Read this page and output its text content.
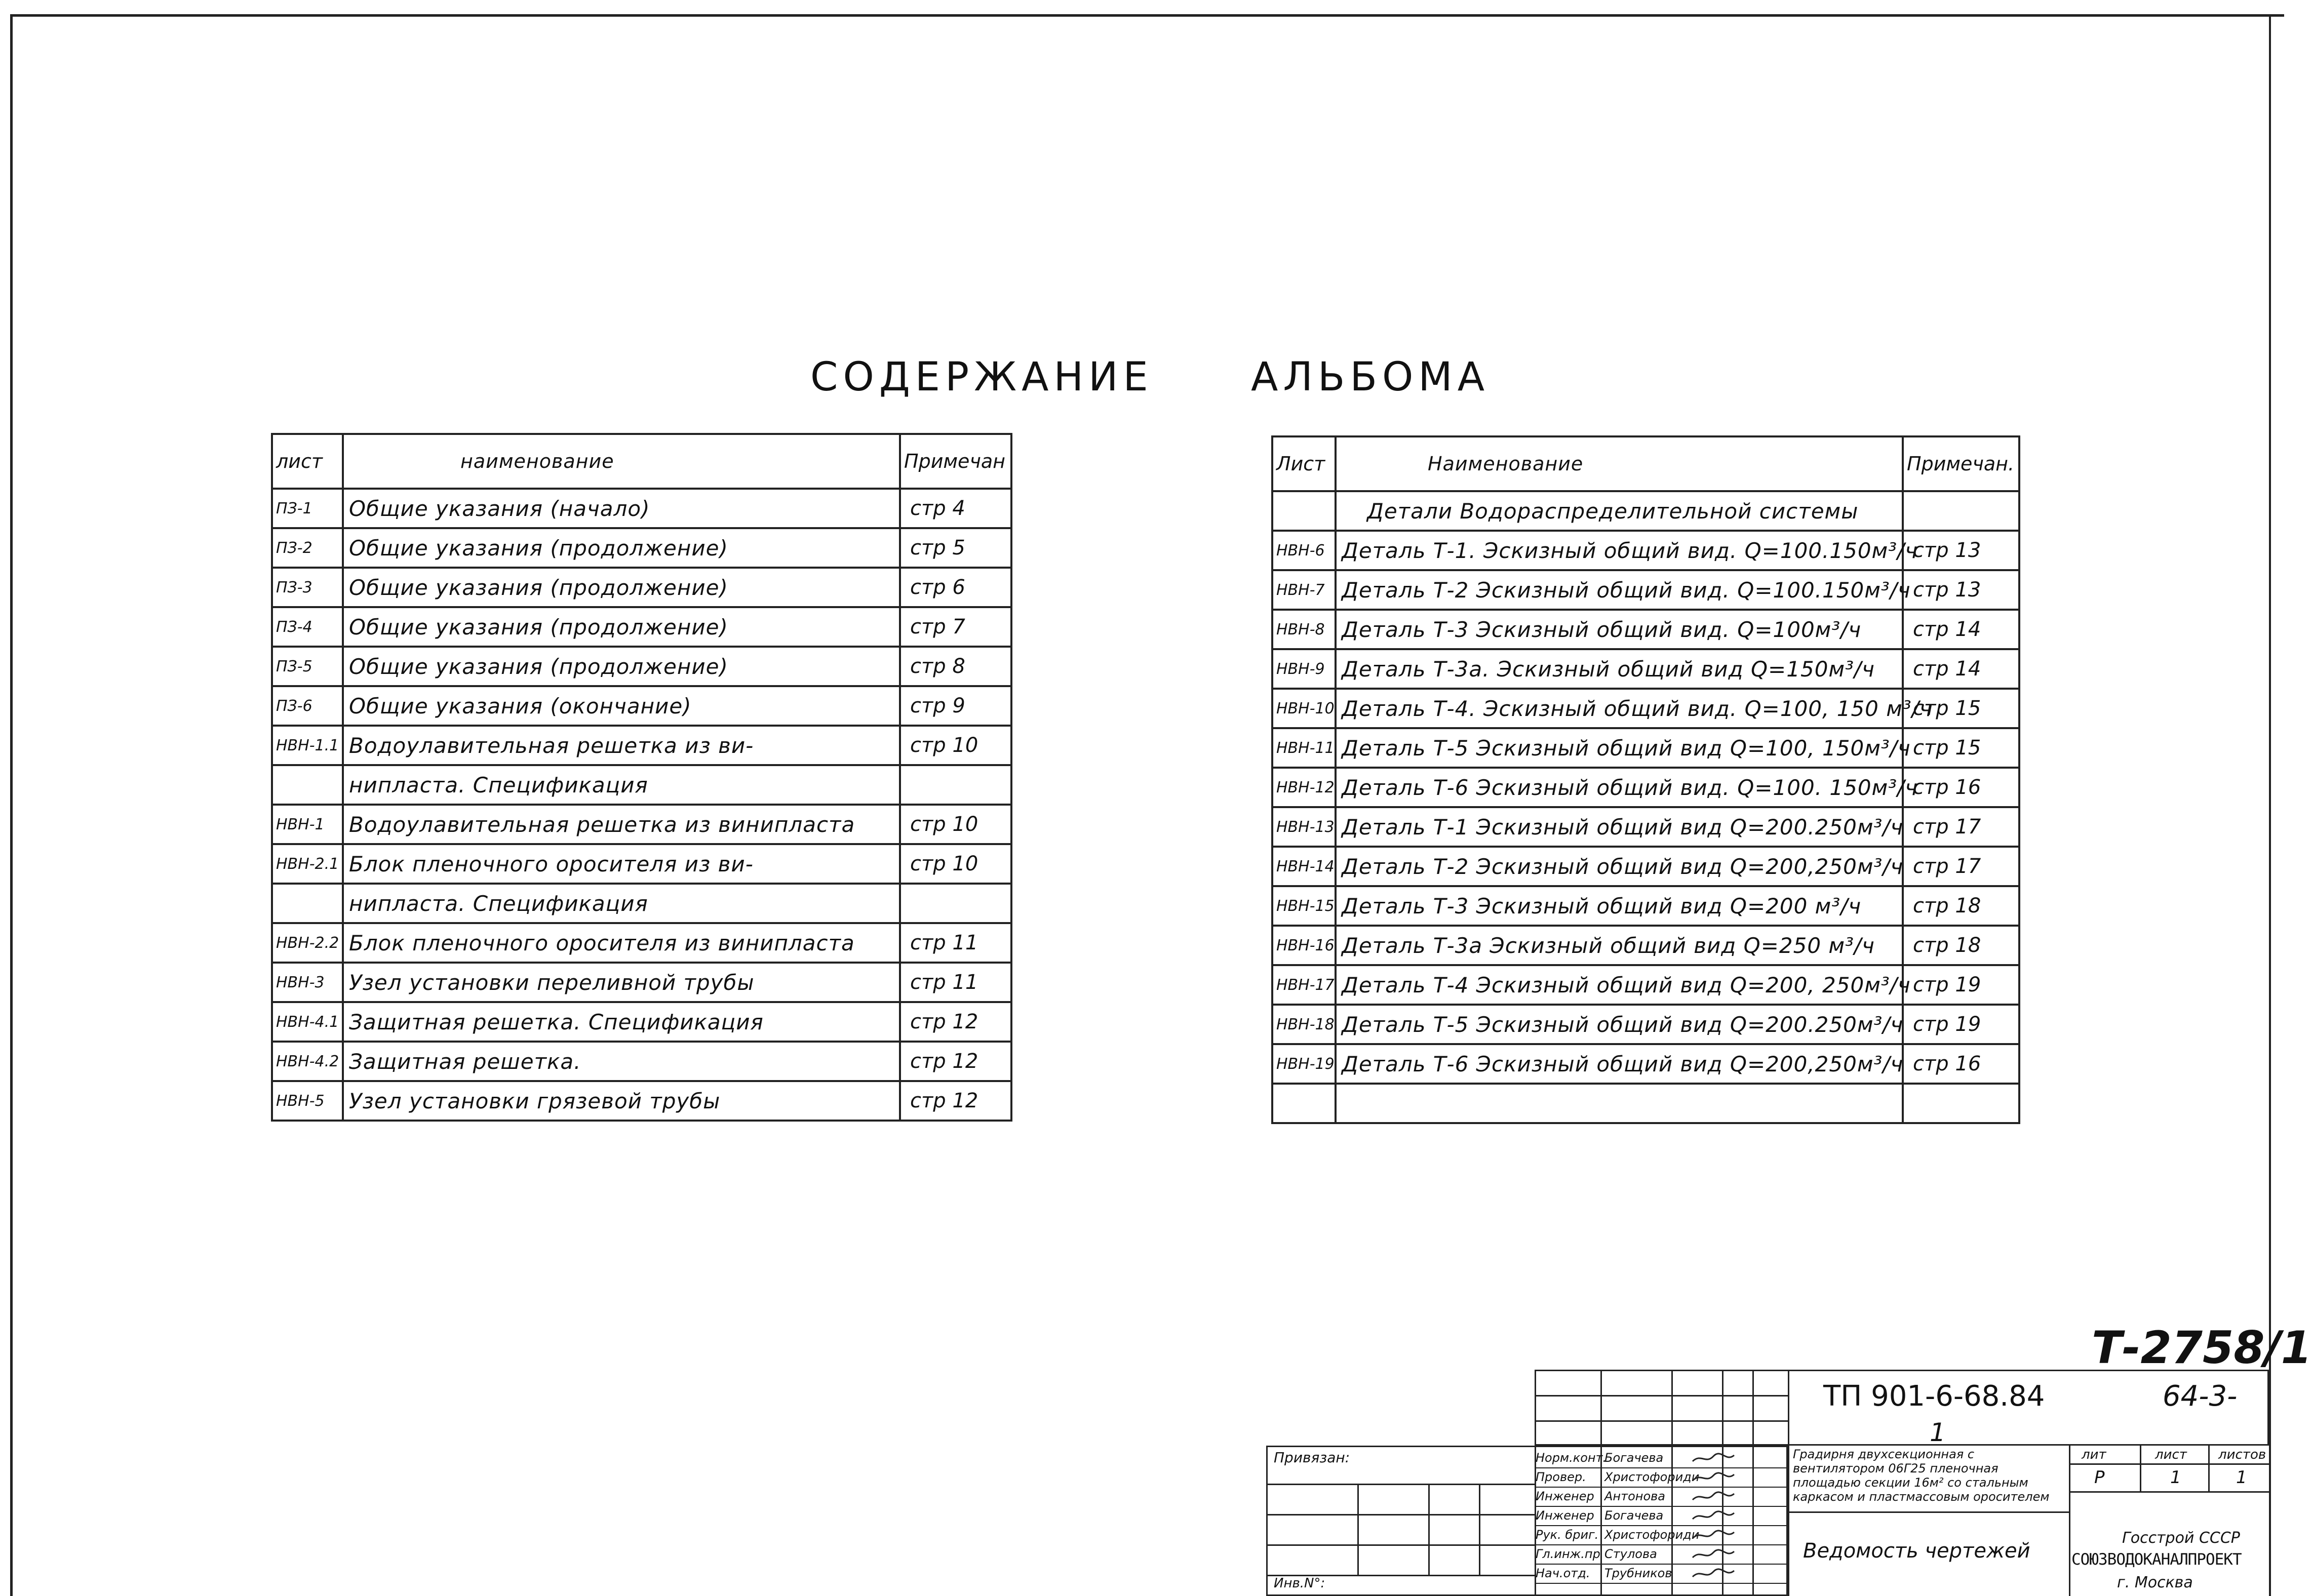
СОДЕРЖАНИЕ АЛЬБОМА
лист	наименование	Примечан
ПЗ-1	Общие указания (начало)	стр 4
ПЗ-2	Общие указания (продолжение)	стр 5
ПЗ-3	Общие указания (продолжение)	стр 6
ПЗ-4	Общие указания (продолжение)	стр 7
ПЗ-5	Общие указания (продолжение)	стр 8
ПЗ-6	Общие указания (окончание)	стр 9
НВН-1.1	Водоулавительная решетка из ви-	стр 10
	нипласта. Спецификация	
НВН-1	Водоулавительная решетка из винипласта	стр 10
НВН-2.1	Блок пленочного оросителя из ви-	стр 10
	нипласта. Спецификация	
НВН-2.2	Блок пленочного оросителя из винипласта	стр 11
НВН-3	Узел установки переливной трубы	стр 11
НВН-4.1	Защитная решетка. Спецификация	стр 12
НВН-4.2	Защитная решетка.	стр 12
НВН-5	Узел установки грязевой трубы	стр 12
Лист	Наименование	Примечан.
	Детали Водораспределительной системы	
НВН-6	Деталь Т-1. Эскизный общий вид. Q=100.150м³/ч	стр 13
НВН-7	Деталь Т-2 Эскизный общий вид. Q=100.150м³/ч	стр 13
НВН-8	Деталь Т-3 Эскизный общий вид. Q=100м³/ч	стр 14
НВН-9	Деталь Т-3а. Эскизный общий вид Q=150м³/ч	стр 14
НВН-10	Деталь Т-4. Эскизный общий вид. Q=100, 150 м³/ч	стр 15
НВН-11	Деталь Т-5 Эскизный общий вид Q=100, 150м³/ч	стр 15
НВН-12	Деталь Т-6 Эскизный общий вид. Q=100. 150м³/ч	стр 16
НВН-13	Деталь Т-1 Эскизный общий вид Q=200.250м³/ч	стр 17
НВН-14	Деталь Т-2 Эскизный общий вид Q=200,250м³/ч	стр 17
НВН-15	Деталь Т-3 Эскизный общий вид Q=200 м³/ч	стр 18
НВН-16	Деталь Т-3а Эскизный общий вид Q=250 м³/ч	стр 18
НВН-17	Деталь Т-4 Эскизный общий вид Q=200, 250м³/ч	стр 19
НВН-18	Деталь Т-5 Эскизный общий вид Q=200.250м³/ч	стр 19
НВН-19	Деталь Т-6 Эскизный общий вид Q=200,250м³/ч	стр 16

Т-2758/1
ТП 901-6-68.84	64-3-
1
Привязан:
Инв.N°:
Норм.конт.
Богачева
Провер.	Христофориди
Инженер Антонова
Инженер Богачева
Рук. бриг. Христофориди
Гл.инж.пр Стулова
Нач.отд.	Трубников
Градирня двухсекционная с вентилятором 06Г25 пленочная площадью секции 16м² со стальным каркасом и пластмассовым оросителем
Ведомость чертежей
лит	лист листов
Р	1	1
Госстрой СССР
СОЮЗВОДОКАНАЛПРОЕКТ
г. Москва
